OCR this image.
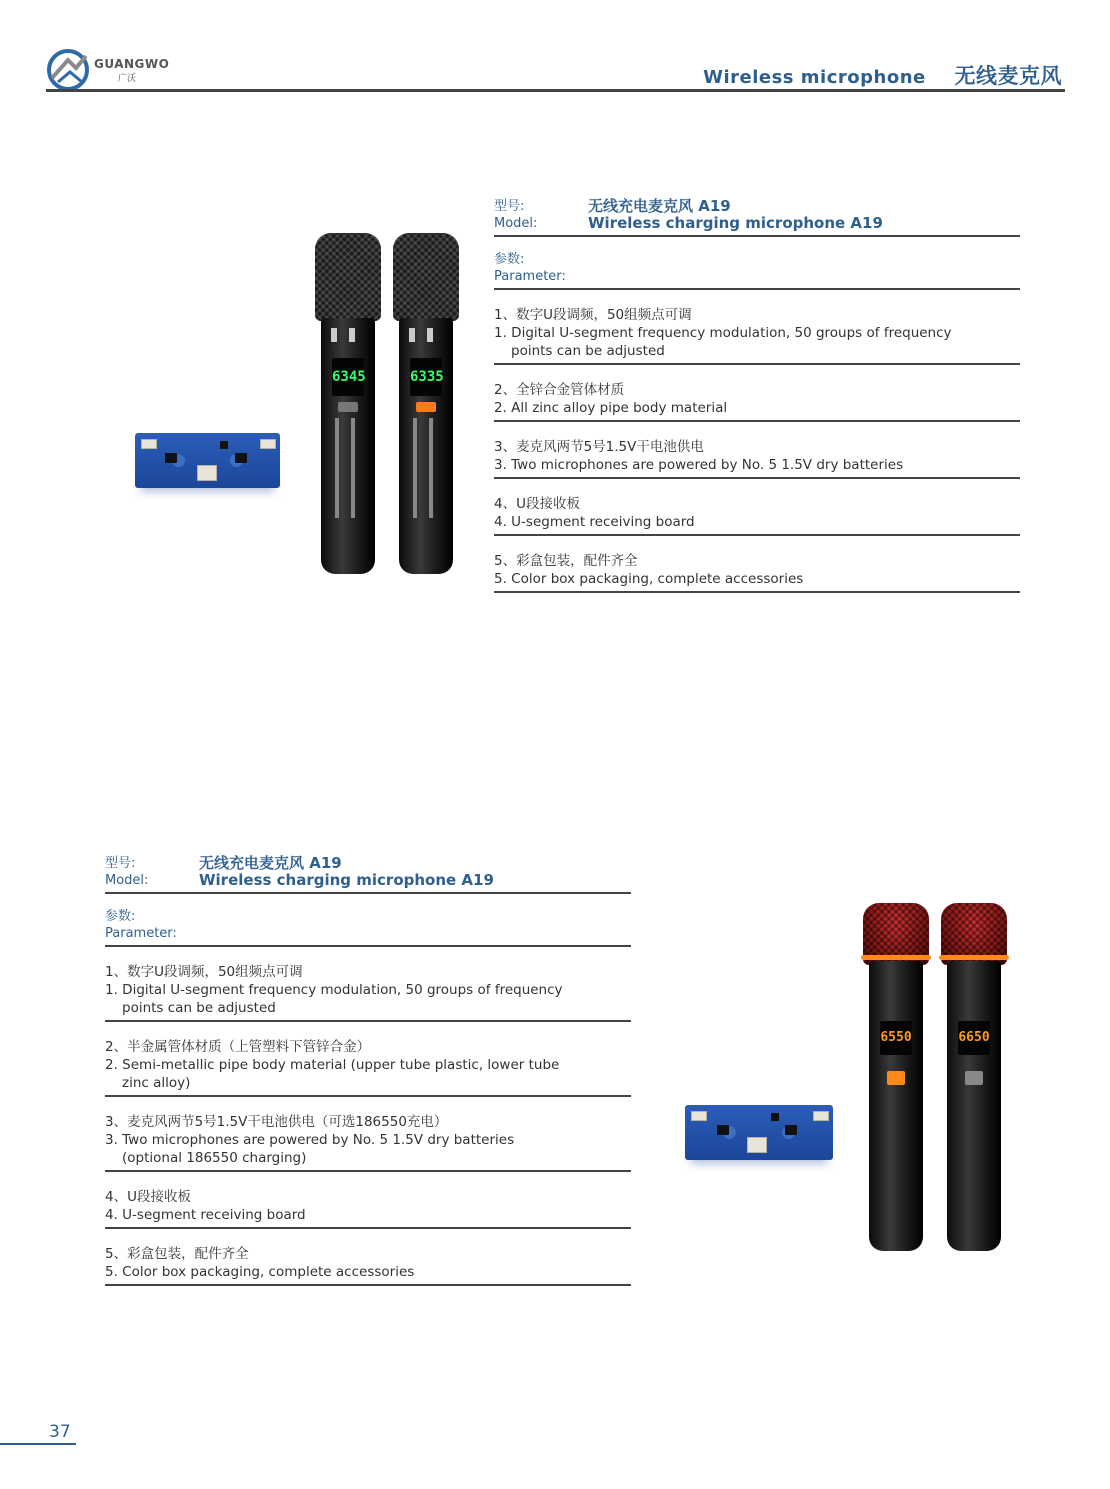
GUANGWO
广沃	Wireless microphone 无线麦克风
6345	6335
型号:	无线充电麦克风 A19
Model:	Wireless charging microphone A19
参数:
Parameter:
1、数字U段调频，50组频点可调
1. Digital U-segment frequency modulation, 50 groups of frequency
points can be adjusted
2、全锌合金管体材质
2. All zinc alloy pipe body material
3、麦克风两节5号1.5V干电池供电
3. Two microphones are powered by No. 5 1.5V dry batteries
4、U段接收板
4. U-segment receiving board
5、彩盒包装，配件齐全
5. Color box packaging, complete accessories
型号:	无线充电麦克风 A19
Model:	Wireless charging microphone A19
参数:
Parameter:
1、数字U段调频，50组频点可调
1. Digital U-segment frequency modulation, 50 groups of frequency
points can be adjusted
2、半金属管体材质（上管塑料下管锌合金）
2. Semi-metallic pipe body material (upper tube plastic, lower tube
zinc alloy)
3、麦克风两节5号1.5V干电池供电（可选186550充电）
3. Two microphones are powered by No. 5 1.5V dry batteries
(optional 186550 charging)
4、U段接收板
4. U-segment receiving board
5、彩盒包装，配件齐全
5. Color box packaging, complete accessories
6550	6650
37
